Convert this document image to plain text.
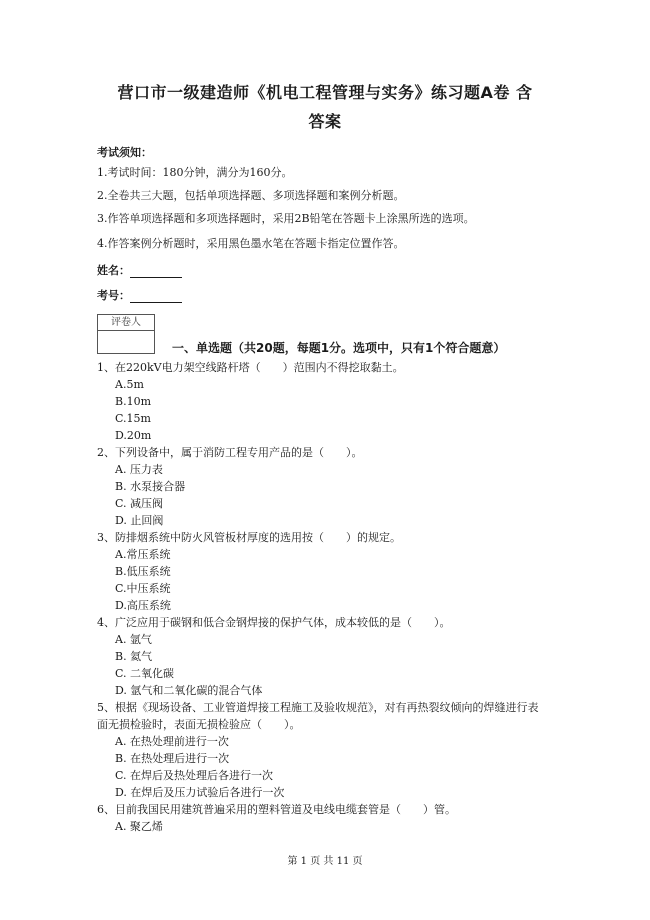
营口市一级建造师《机电工程管理与实务》练习题A卷 含
答案
考试须知：
1.考试时间：180分钟，满分为160分。
2.全卷共三大题，包括单项选择题、多项选择题和案例分析题。
3.作答单项选择题和多项选择题时，采用2B铅笔在答题卡上涂黑所选的选项。
4.作答案例分析题时，采用黑色墨水笔在答题卡指定位置作答。
姓名：
考号：
评卷人
一、单选题（共20题，每题1分。选项中，只有1个符合题意）
1、在220kV电力架空线路杆塔（　　）范围内不得挖取黏土。
A.5m
B.10m
C.15m
D.20m
2、下列设备中，属于消防工程专用产品的是（　　）。
A. 压力表
B. 水泵接合器
C. 减压阀
D. 止回阀
3、防排烟系统中防火风管板材厚度的选用按（　　）的规定。
A.常压系统
B.低压系统
C.中压系统
D.高压系统
4、广泛应用于碳钢和低合金钢焊接的保护气体，成本较低的是（　　）。
A. 氩气
B. 氦气
C. 二氧化碳
D. 氩气和二氧化碳的混合气体
5、根据《现场设备、工业管道焊接工程施工及验收规范》，对有再热裂纹倾向的焊缝进行表
面无损检验时，表面无损检验应（　　）。
A. 在热处理前进行一次
B. 在热处理后进行一次
C. 在焊后及热处理后各进行一次
D. 在焊后及压力试验后各进行一次
6、目前我国民用建筑普遍采用的塑料管道及电线电缆套管是（　　）管。
A. 聚乙烯
第 1 页 共 11 页
